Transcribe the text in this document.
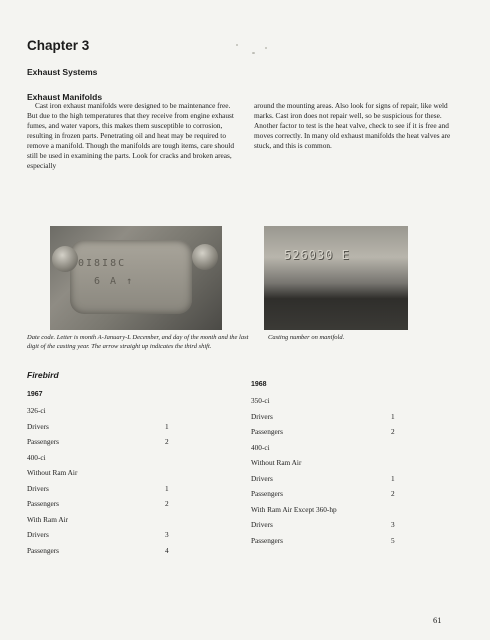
Chapter 3
Exhaust Systems
Exhaust Manifolds

Cast iron exhaust manifolds were designed to be maintenance free. But due to the high temperatures that they receive from engine exhaust fumes, and water vapors, this makes them susceptible to corrosion, resulting in frozen parts. Penetrating oil and heat may be required to remove a manifold. Though the manifolds are tough items, care should still be used in examining the parts. Look for cracks and broken areas, especially

around the mounting areas. Also look for signs of repair, like weld marks. Cast iron does not repair well, so be suspicious for these. Another factor to test is the heat valve, check to see if it is free and moves correctly. In many old exhaust manifolds the heat valves are stuck, and this is common.

0I8I8C
6 A ↑
526030 E
Date code. Letter is month A-January-L December, and day of the month and the last digit of the casting year. The arrow straight up indicates the third shift.
Casting number on manifold.
Firebird
1967
326-ci
Drivers	1
Passengers	2
400-ci
Without Ram Air
Drivers	1
Passengers	2
With Ram Air
Drivers	3
Passengers	4
1968
350-ci
Drivers	1
Passengers	2
400-ci
Without Ram Air
Drivers	1
Passengers	2
With Ram Air Except 360-hp
Drivers	3
Passengers	5
61
